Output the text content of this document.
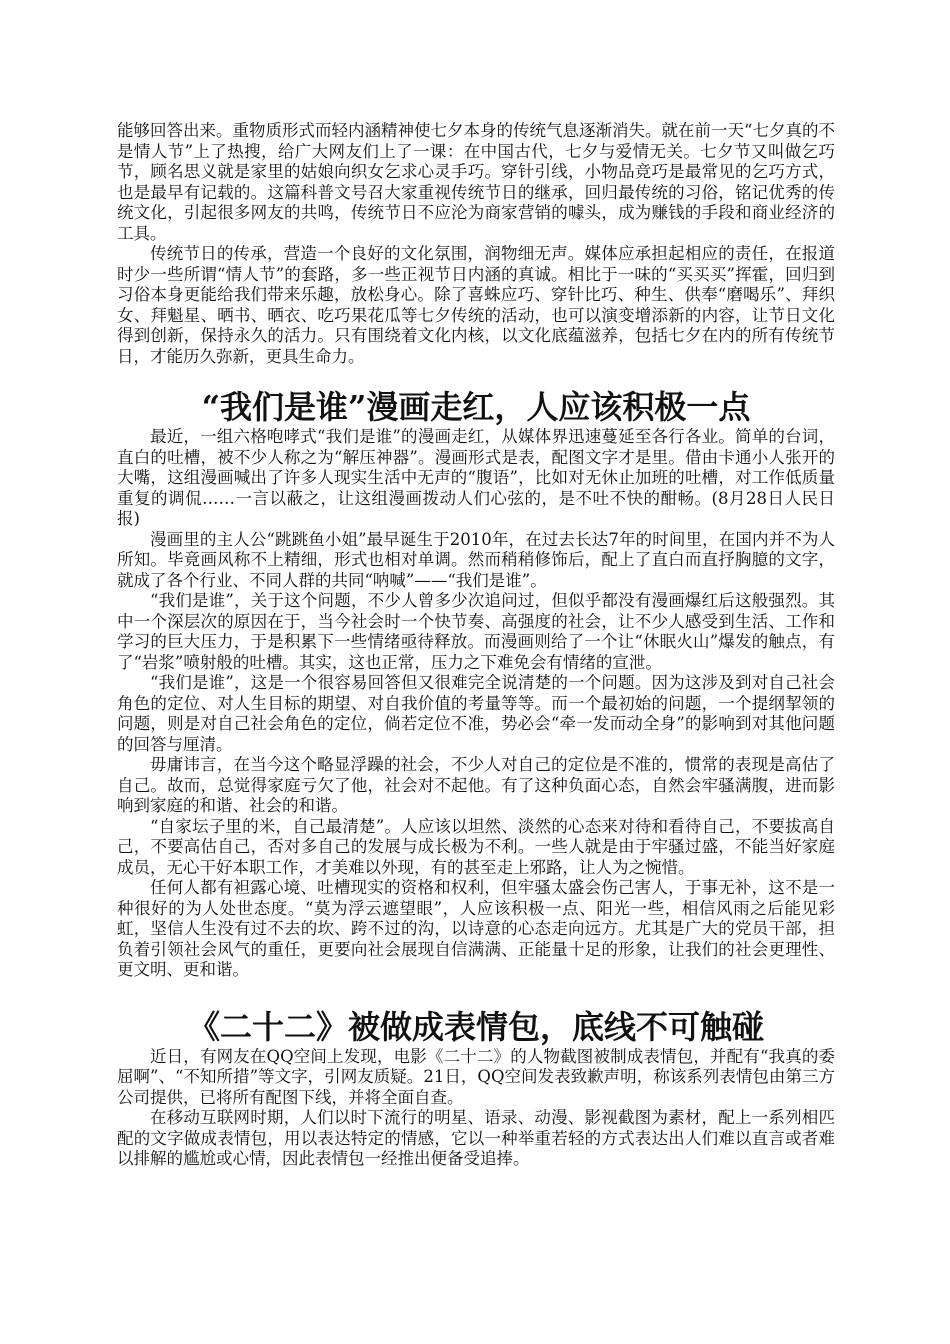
能够回答出来。重物质形式而轻内涵精神使七夕本身的传统气息逐渐消失。就在前一天“七夕真的不是情人节”上了热搜，给广大网友们上了一课：在中国古代，七夕与爱情无关。七夕节又叫做乞巧节，顾名思义就是家里的姑娘向织女乞求心灵手巧。穿针引线，小物品竞巧是最常见的乞巧方式，也是最早有记载的。这篇科普文号召大家重视传统节日的继承，回归最传统的习俗，铭记优秀的传统文化，引起很多网友的共鸣，传统节日不应沦为商家营销的噱头，成为赚钱的手段和商业经济的工具。

传统节日的传承，营造一个良好的文化氛围，润物细无声。媒体应承担起相应的责任，在报道时少一些所谓“情人节”的套路，多一些正视节日内涵的真诚。相比于一味的“买买买”挥霍，回归到习俗本身更能给我们带来乐趣，放松身心。除了喜蛛应巧、穿针比巧、种生、供奉“磨喝乐”、拜织女、拜魁星、晒书、晒衣、吃巧果花瓜等七夕传统的活动，也可以演变增添新的内容，让节日文化得到创新，保持永久的活力。只有围绕着文化内核，以文化底蕴滋养，包括七夕在内的所有传统节日，才能历久弥新，更具生命力。

“我们是谁”漫画走红，人应该积极一点

最近，一组六格咆哮式“我们是谁”的漫画走红，从媒体界迅速蔓延至各行各业。简单的台词，直白的吐槽，被不少人称之为“解压神器”。漫画形式是表，配图文字才是里。借由卡通小人张开的大嘴，这组漫画喊出了许多人现实生活中无声的“腹语”，比如对无休止加班的吐槽，对工作低质量重复的调侃……一言以蔽之，让这组漫画拨动人们心弦的，是不吐不快的酣畅。(8月28日人民日报)

漫画里的主人公“跳跳鱼小姐”最早诞生于2010年，在过去长达7年的时间里，在国内并不为人所知。毕竟画风称不上精细，形式也相对单调。然而稍稍修饰后，配上了直白而直抒胸臆的文字，就成了各个行业、不同人群的共同“呐喊”——“我们是谁”。

“我们是谁”，关于这个问题，不少人曾多少次追问过，但似乎都没有漫画爆红后这般强烈。其中一个深层次的原因在于，当今社会时一个快节奏、高强度的社会，让不少人感受到生活、工作和学习的巨大压力，于是积累下一些情绪亟待释放。而漫画则给了一个让“休眠火山”爆发的触点，有了“岩浆”喷射般的吐槽。其实，这也正常，压力之下难免会有情绪的宣泄。

“我们是谁”，这是一个很容易回答但又很难完全说清楚的一个问题。因为这涉及到对自己社会角色的定位、对人生目标的期望、对自我价值的考量等等。而一个最初始的问题，一个提纲挈领的问题，则是对自己社会角色的定位，倘若定位不准，势必会“牵一发而动全身”的影响到对其他问题的回答与厘清。

毋庸讳言，在当今这个略显浮躁的社会，不少人对自己的定位是不准的，惯常的表现是高估了自己。故而，总觉得家庭亏欠了他，社会对不起他。有了这种负面心态，自然会牢骚满腹，进而影响到家庭的和谐、社会的和谐。

“自家坛子里的米，自己最清楚”。人应该以坦然、淡然的心态来对待和看待自己，不要拔高自己，不要高估自己，否对多自己的发展与成长极为不利。一些人就是由于牢骚过盛，不能当好家庭成员，无心干好本职工作，才美难以外现，有的甚至走上邪路，让人为之惋惜。

任何人都有袒露心境、吐槽现实的资格和权利，但牢骚太盛会伤己害人，于事无补，这不是一种很好的为人处世态度。“莫为浮云遮望眼”，人应该积极一点、阳光一些，相信风雨之后能见彩虹，坚信人生没有过不去的坎、跨不过的沟，以诗意的心态走向远方。尤其是广大的党员干部，担负着引领社会风气的重任，更要向社会展现自信满满、正能量十足的形象，让我们的社会更理性、更文明、更和谐。

《二十二》被做成表情包，底线不可触碰

近日，有网友在QQ空间上发现，电影《二十二》的人物截图被制成表情包，并配有“我真的委屈啊”、“不知所措”等文字，引网友质疑。21日，QQ空间发表致歉声明，称该系列表情包由第三方公司提供，已将所有配图下线，并将全面自查。

在移动互联网时期，人们以时下流行的明星、语录、动漫、影视截图为素材，配上一系列相匹配的文字做成表情包，用以表达特定的情感，它以一种举重若轻的方式表达出人们难以直言或者难以排解的尴尬或心情，因此表情包一经推出便备受追捧。
